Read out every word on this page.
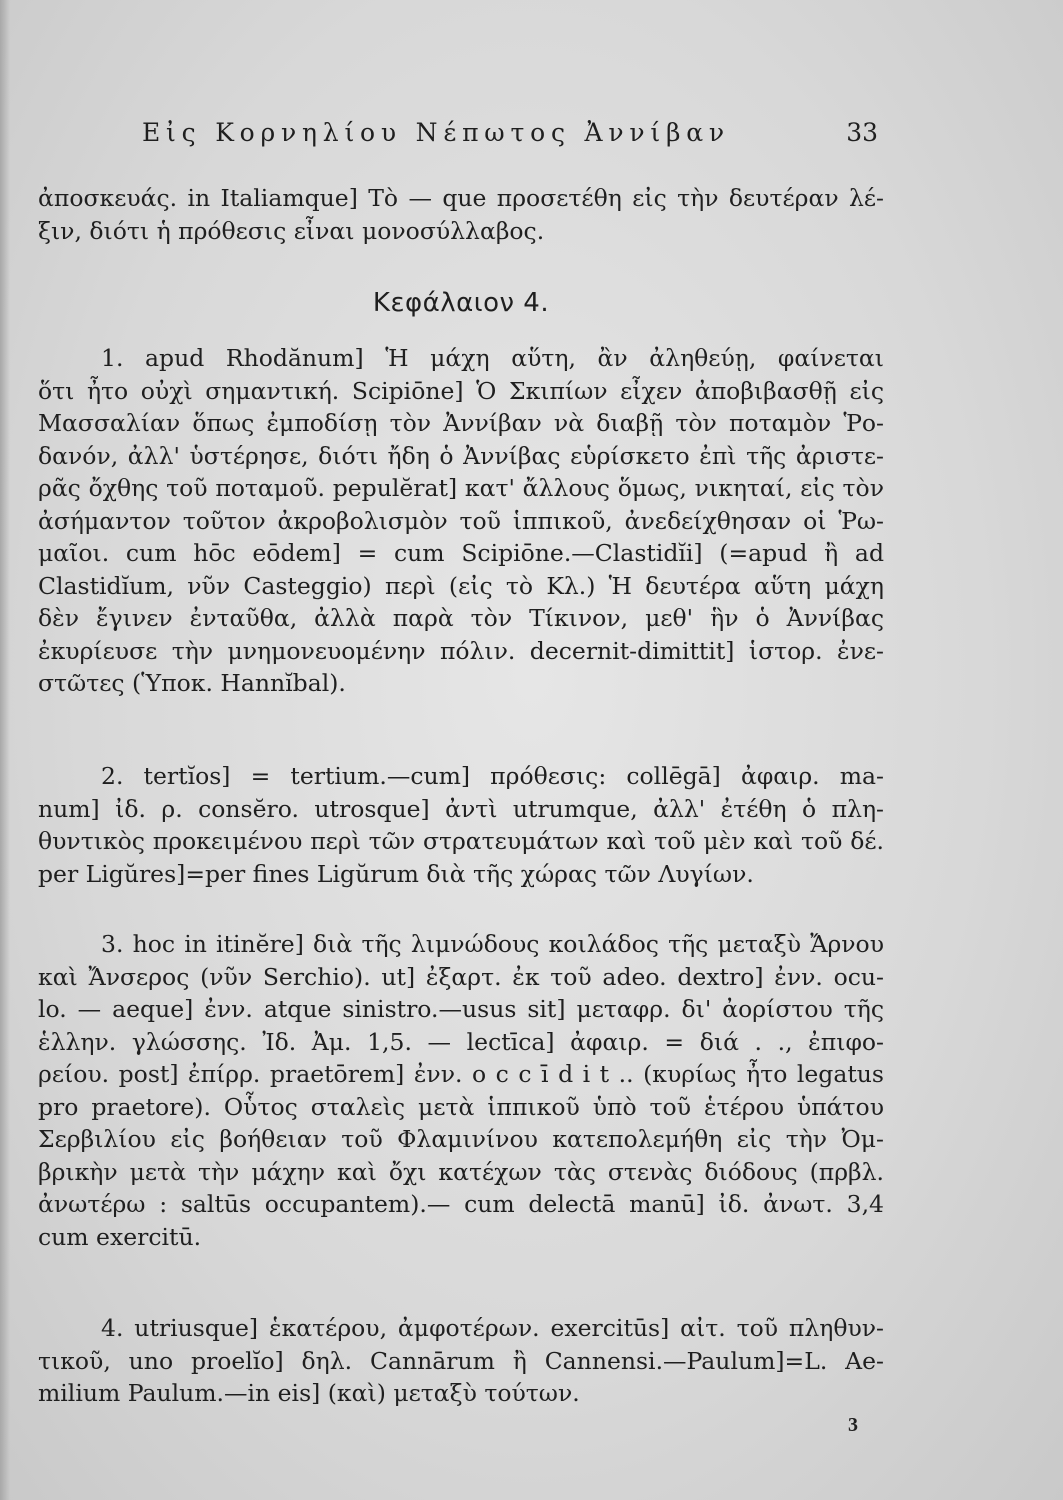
Εἰς Κορνηλίου Νέπωτος Ἀννίβαν	33
ἀποσκευάς. in Italiamque] Τὸ — que προσετέθη εἰς τὴν δευτέραν λέ-
ξιν, διότι ἡ πρόθεσις εἶναι μονοσύλλαβος.
Κεφάλαιον 4.
1. apud Rhodănum] Ἡ μάχη αὕτη, ἂν ἀληθεύῃ, φαίνεται
ὅτι ἦτο οὐχὶ σημαντική. Scipiōne] Ὁ Σκιπίων εἶχεν ἀποβιβασθῇ εἰς
Μασσαλίαν ὅπως ἐμποδίσῃ τὸν Ἀννίβαν νὰ διαβῇ τὸν ποταμὸν Ῥο-
δανόν, ἀλλ' ὑστέρησε, διότι ἤδη ὁ Ἀννίβας εὑρίσκετο ἐπὶ τῆς ἀριστε-
ρᾶς ὄχθης τοῦ ποταμοῦ. pepulĕrat] κατ' ἄλλους ὅμως, νικηταί, εἰς τὸν
ἀσήμαντον τοῦτον ἀκροβολισμὸν τοῦ ἱππικοῦ, ἀνεδείχθησαν οἱ Ῥω-
μαῖοι. cum hōc eōdem] = cum Scipiōne.—Clastidĭi] (=apud ἢ ad
Clastidĭum, νῦν Casteggio) περὶ (εἰς τὸ Κλ.) Ἡ δευτέρα αὕτη μάχη
δὲν ἔγινεν ἐνταῦθα, ἀλλὰ παρὰ τὸν Τίκινον, μεθ' ἣν ὁ Ἀννίβας
ἐκυρίευσε τὴν μνημονευομένην πόλιν. decernit-dimittit] ἱστορ. ἐνε-
στῶτες (Ὑποκ. Hannĭbal).
2. tertĭos] = tertium.—cum] πρόθεσις: collēgā] ἀφαιρ. ma-
num] ἰδ. ρ. consĕro. utrosque] ἀντὶ utrumque, ἀλλ' ἐτέθη ὁ πλη-
θυντικὸς προκειμένου περὶ τῶν στρατευμάτων καὶ τοῦ μὲν καὶ τοῦ δέ.
per Ligŭres]=per fines Ligŭrum διὰ τῆς χώρας τῶν Λυγίων.
3. hoc in itinĕre] διὰ τῆς λιμνώδους κοιλάδος τῆς μεταξὺ Ἄρνου
καὶ Ἄνσερος (νῦν Serchio). ut] ἐξαρτ. ἐκ τοῦ adeo. dextro] ἐνν. ocu-
lo. — aeque] ἐνν. atque sinistro.—usus sit] μεταφρ. δι' ἀορίστου τῆς
ἑλλην. γλώσσης. Ἰδ. Ἀμ. 1,5. — lectīca] ἀφαιρ. = διά . ., ἐπιφο-
ρείου. post] ἐπίρρ. praetōrem] ἐνν. o c c ī d i t .. (κυρίως ἦτο legatus
pro praetore). Οὗτος σταλεὶς μετὰ ἱππικοῦ ὑπὸ τοῦ ἑτέρου ὑπάτου
Σερβιλίου εἰς βοήθειαν τοῦ Φλαμινίνου κατεπολεμήθη εἰς τὴν Ὀμ-
βρικὴν μετὰ τὴν μάχην καὶ ὄχι κατέχων τὰς στενὰς διόδους (πρβλ.
ἀνωτέρω : saltūs occupantem).— cum delectā manū] ἰδ. ἀνωτ. 3,4
cum exercitū.
4. utriusque] ἑκατέρου, ἀμφοτέρων. exercitūs] αἰτ. τοῦ πληθυν-
τικοῦ, uno proelĭo] δηλ. Cannārum ἢ Cannensi.—Paulum]=L. Ae-
milium Paulum.—in eis] (καὶ) μεταξὺ τούτων.
3
